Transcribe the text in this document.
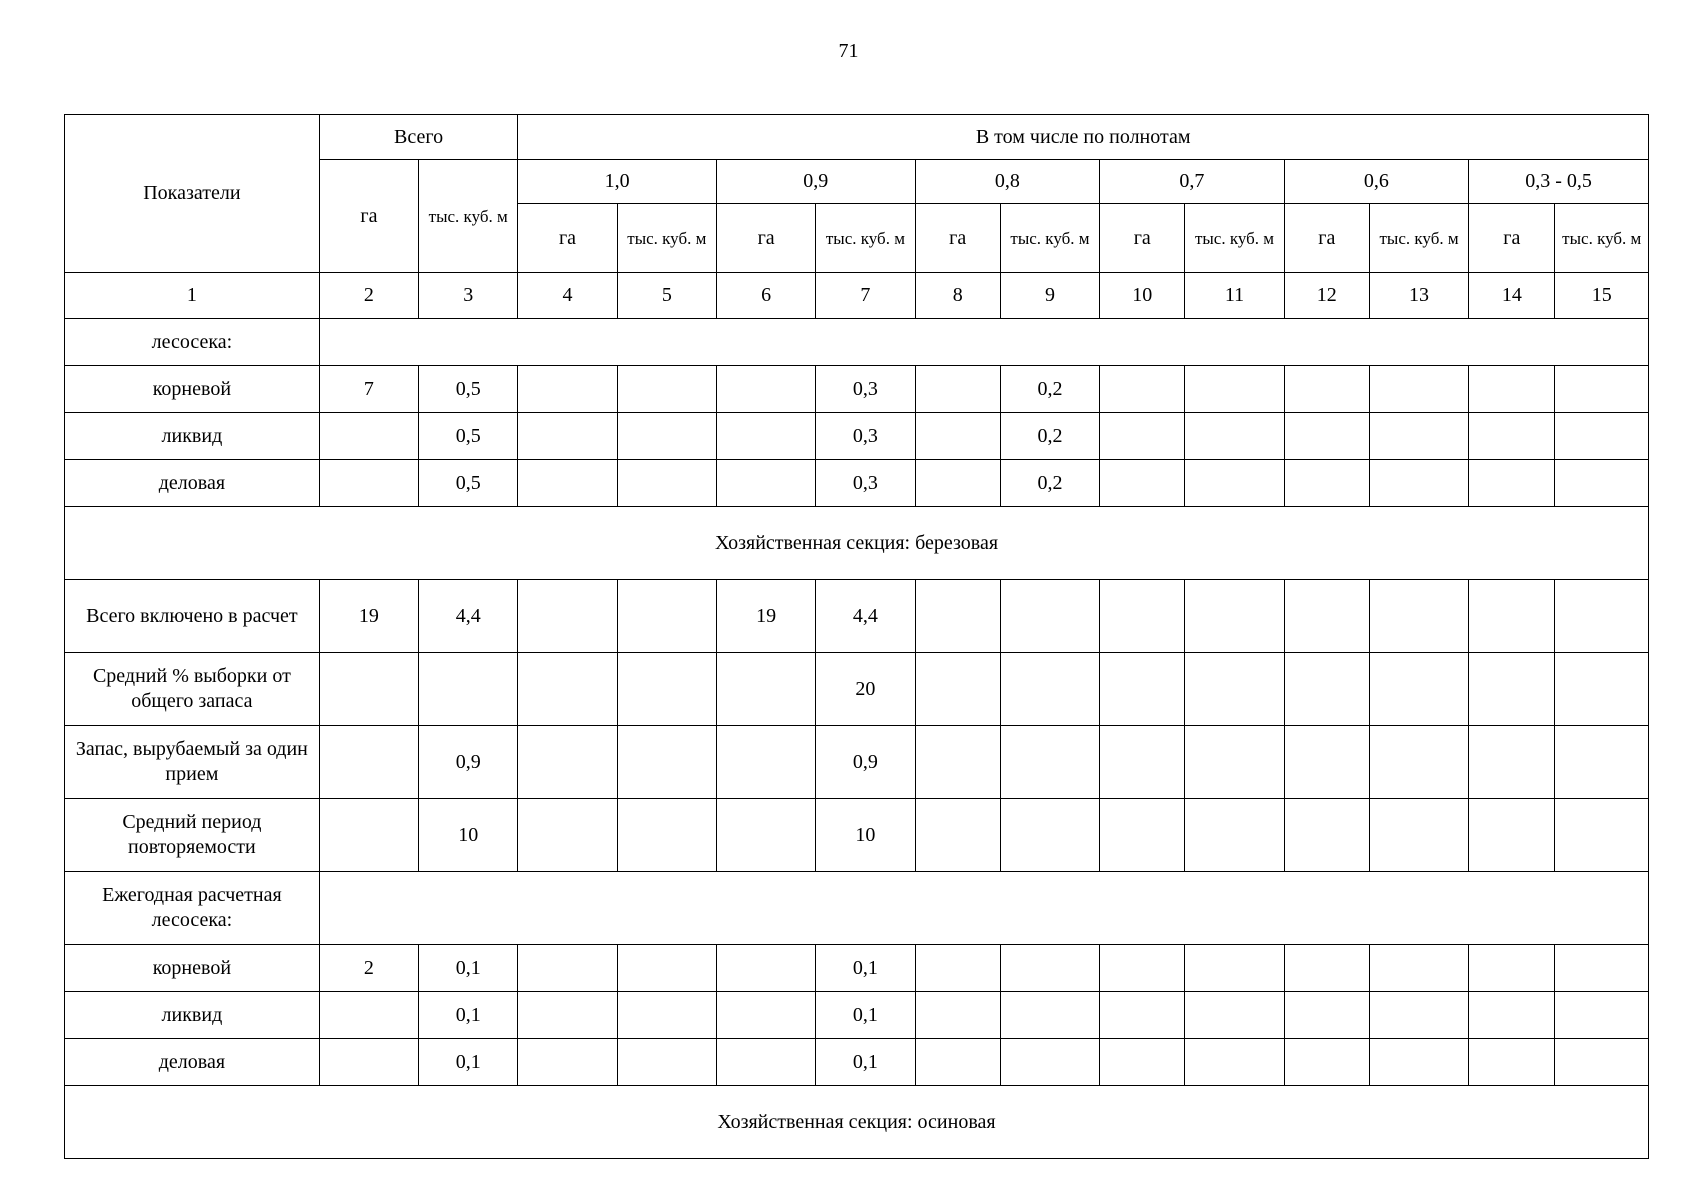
71
Показатели	Всего		В том числе по полнотам											
	га	тыс. куб. м	1,0		0,9		0,8		0,7		0,6		0,3 - 0,5	
			га	тыс. куб. м	га	тыс. куб. м	га	тыс. куб. м	га	тыс. куб. м	га	тыс. куб. м	га	тыс. куб. м
1	2	3	4	5	6	7	8	9	10	11	12	13	14	15
лесосека:														
корневой	7	0,5				0,3		0,2						
ликвид		0,5				0,3		0,2						
деловая		0,5				0,3		0,2						
Хозяйственная секция: березовая														
Всего включено в расчет	19	4,4			19	4,4								
Средний % выборки от общего запаса						20								
Запас, вырубаемый за один прием		0,9				0,9								
Средний период повторяемости		10				10								
Ежегодная расчетная лесосека:														
корневой	2	0,1				0,1								
ликвид		0,1				0,1								
деловая		0,1				0,1								
Хозяйственная секция: осиновая														
